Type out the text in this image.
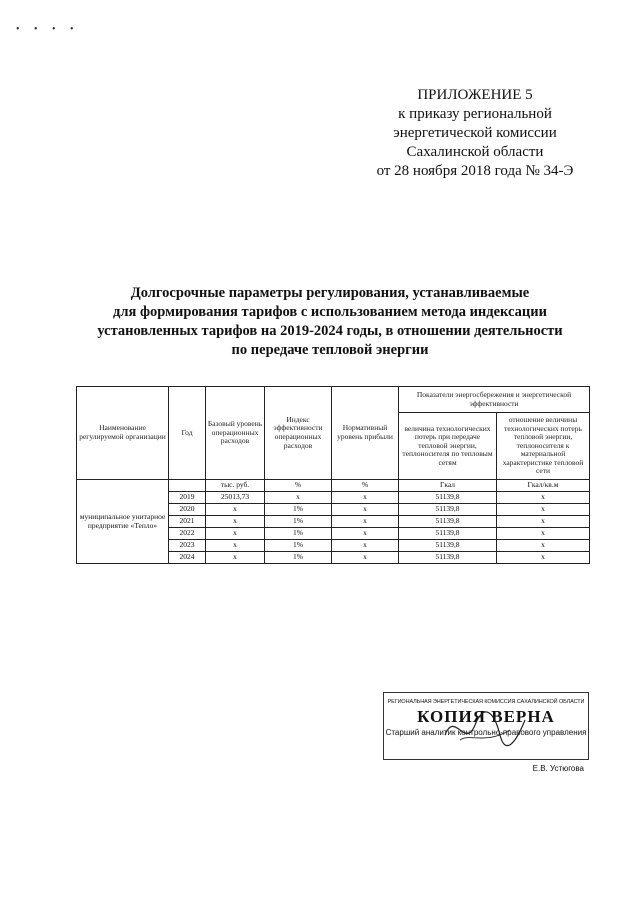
• • • •
ПРИЛОЖЕНИЕ 5
к приказу региональной
энергетической комиссии
Сахалинской области
от 28 ноября 2018 года № 34-Э
Долгосрочные параметры регулирования, устанавливаемые
для формирования тарифов с использованием метода индексации
установленных тарифов на 2019-2024 годы, в отношении деятельности
по передаче тепловой энергии
Наименование регулируемой организации	Год	Базовый уровень операционных расходов	Индекс эффективности операционных расходов	Нормативный уровень прибыли	Показатели энергосбережения и энергетической эффективности	
					величина технологических потерь при передаче тепловой энергии, теплоносителя по тепловым сетям	отношение величины технологических потерь тепловой энергии, теплоносителя к материальной характеристике тепловой сети
муниципальное унитарное предприятие «Тепло»		тыс. руб.	%	%	Гкал	Гкал/кв.м
	2019	25013,73	х	х	51139,8	х
	2020	х	1%	х	51139,8	х
	2021	х	1%	х	51139,8	х
	2022	х	1%	х	51139,8	х
	2023	х	1%	х	51139,8	х
	2024	х	1%	х	51139,8	х
РЕГИОНАЛЬНАЯ ЭНЕРГЕТИЧЕСКАЯ КОМИССИЯ САХАЛИНСКОЙ ОБЛАСТИ
КОПИЯ ВЕРНА
Старший аналитик контрольно-правового управления
Е.В. Устюгова
